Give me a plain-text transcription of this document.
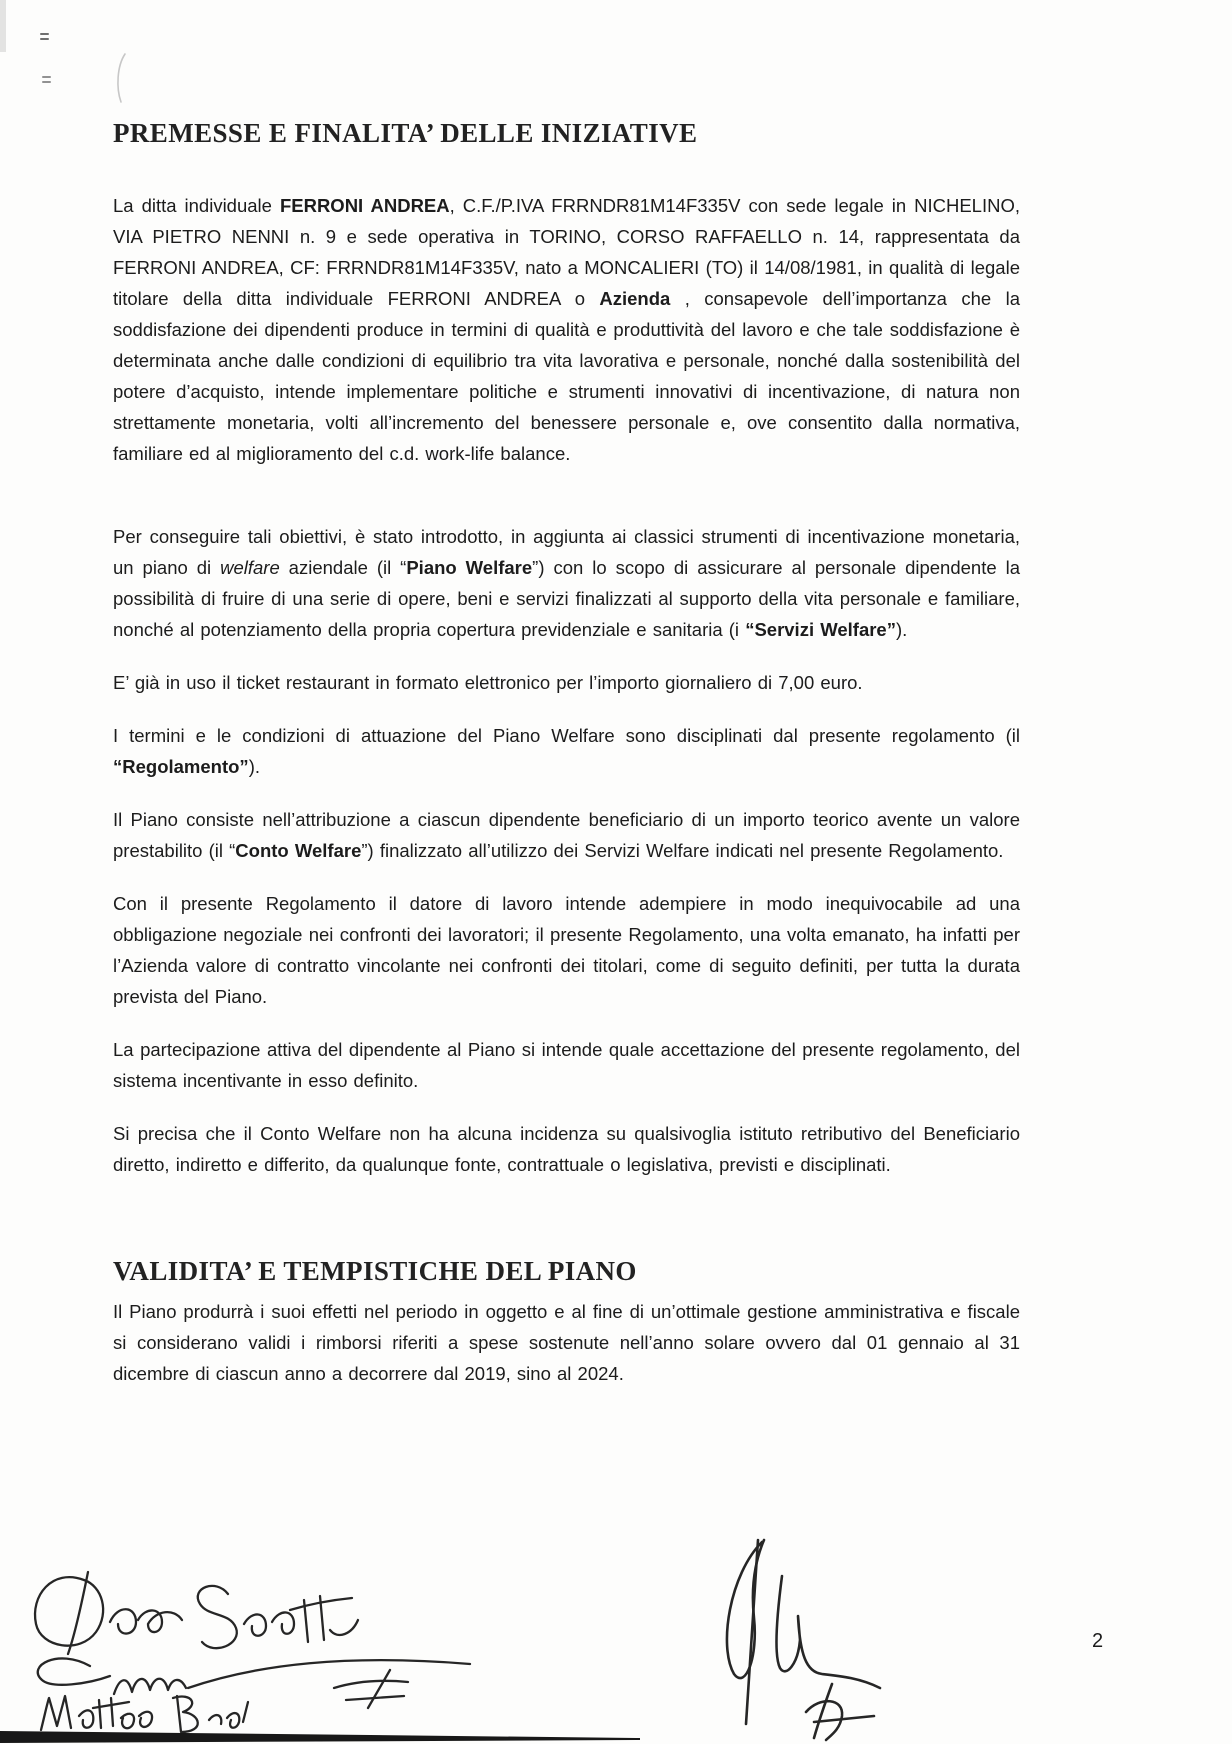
PREMESSE E FINALITA’ DELLE INIZIATIVE

La ditta individuale FERRONI ANDREA, C.F./P.IVA FRRNDR81M14F335V con sede legale in NICHELINO, VIA PIETRO NENNI n. 9 e sede operativa in TORINO, CORSO RAFFAELLO n. 14, rappresentata da FERRONI ANDREA, CF: FRRNDR81M14F335V, nato a MONCALIERI (TO) il 14/08/1981, in qualità di legale titolare della ditta individuale FERRONI ANDREA o Azienda , consapevole dell’importanza che la soddisfazione dei dipendenti produce in termini di qualità e produttività del lavoro e che tale soddisfazione è determinata anche dalle condizioni di equilibrio tra vita lavorativa e personale, nonché dalla sostenibilità del potere d’acquisto, intende implementare politiche e strumenti innovativi di incentivazione, di natura non strettamente monetaria, volti all’incremento del benessere personale e, ove consentito dalla normativa, familiare ed al miglioramento del c.d. work-life balance.

Per conseguire tali obiettivi, è stato introdotto, in aggiunta ai classici strumenti di incentivazione monetaria, un piano di welfare aziendale (il “Piano Welfare”) con lo scopo di assicurare al personale dipendente la possibilità di fruire di una serie di opere, beni e servizi finalizzati al supporto della vita personale e familiare, nonché al potenziamento della propria copertura previdenziale e sanitaria (i “Servizi Welfare”).

E’ già in uso il ticket restaurant in formato elettronico per l’importo giornaliero di 7,00 euro.

I termini e le condizioni di attuazione del Piano Welfare sono disciplinati dal presente regolamento (il “Regolamento”).

Il Piano consiste nell’attribuzione a ciascun dipendente beneficiario di un importo teorico avente un valore prestabilito (il “Conto Welfare”) finalizzato all’utilizzo dei Servizi Welfare indicati nel presente Regolamento.

Con il presente Regolamento il datore di lavoro intende adempiere in modo inequivocabile ad una obbligazione negoziale nei confronti dei lavoratori; il presente Regolamento, una volta emanato, ha infatti per l’Azienda valore di contratto vincolante nei confronti dei titolari, come di seguito definiti, per tutta la durata prevista del Piano.

La partecipazione attiva del dipendente al Piano si intende quale accettazione del presente regolamento, del sistema incentivante in esso definito.

Si precisa che il Conto Welfare non ha alcuna incidenza su qualsivoglia istituto retributivo del Beneficiario diretto, indiretto e differito, da qualunque fonte, contrattuale o legislativa, previsti e disciplinati.

VALIDITA’ E TEMPISTICHE DEL PIANO

Il Piano produrrà i suoi effetti nel periodo in oggetto e al fine di un’ottimale gestione amministrativa e fiscale si considerano validi i rimborsi riferiti a spese sostenute nell’anno solare ovvero dal 01 gennaio al 31 dicembre di ciascun anno a decorrere dal 2019, sino al 2024.

2
